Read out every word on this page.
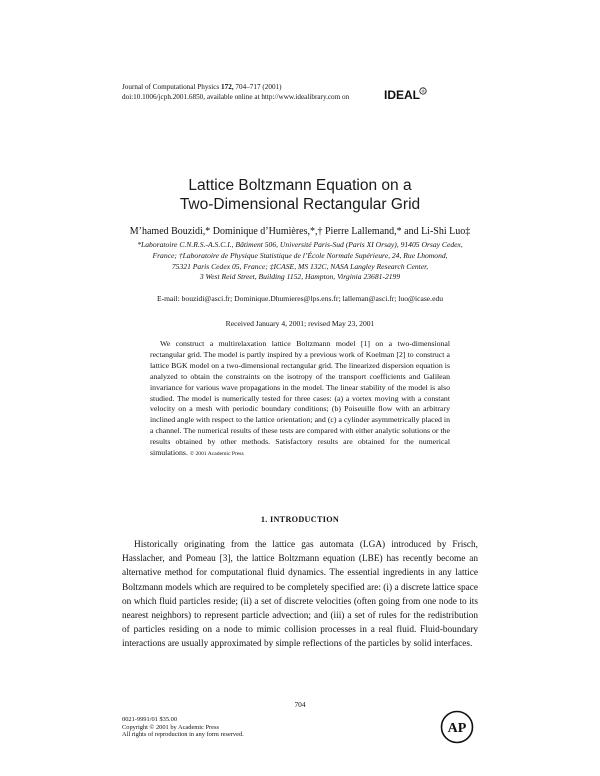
Journal of Computational Physics 172, 704–717 (2001)
doi:10.1006/jcph.2001.6850, available online at http://www.idealibrary.com on	IDEAL ®
Lattice Boltzmann Equation on a
Two-Dimensional Rectangular Grid
M’hamed Bouzidi,* Dominique d’Humières,*,† Pierre Lallemand,* and Li-Shi Luo‡
*Laboratoire C.N.R.S.-A.S.C.I., Bâtiment 506, Université Paris-Sud (Paris XI Orsay), 91405 Orsay Cedex,
France; †Laboratoire de Physique Statistique de l’École Normale Supérieure, 24, Rue Lhomond,
75321 Paris Cedex 05, France; ‡ICASE, MS 132C, NASA Langley Research Center,
3 West Reid Street, Building 1152, Hampton, Virginia 23681-2199
E-mail: bouzidi@asci.fr; Dominique.Dhumieres@lps.ens.fr; lalleman@asci.fr; luo@icase.edu
Received January 4, 2001; revised May 23, 2001
We construct a multirelaxation lattice Boltzmann model [1] on a two-dimensional rectangular grid. The model is partly inspired by a previous work of Koelman [2] to construct a lattice BGK model on a two-dimensional rectangular grid. The linearized dispersion equation is analyzed to obtain the constraints on the isotropy of the transport coefficients and Galilean invariance for various wave propagations in the model. The linear stability of the model is also studied. The model is numerically tested for three cases: (a) a vortex moving with a constant velocity on a mesh with periodic boundary conditions; (b) Poiseuille flow with an arbitrary inclined angle with respect to the lattice orientation; and (c) a cylinder asymmetrically placed in a channel. The numerical results of these tests are compared with either analytic solutions or the results obtained by other methods. Satisfactory results are obtained for the numerical simulations. © 2001 Academic Press
1. INTRODUCTION
Historically originating from the lattice gas automata (LGA) introduced by Frisch, Hasslacher, and Pomeau [3], the lattice Boltzmann equation (LBE) has recently become an alternative method for computational fluid dynamics. The essential ingredients in any lattice Boltzmann models which are required to be completely specified are: (i) a discrete lattice space on which fluid particles reside; (ii) a set of discrete velocities (often going from one node to its nearest neighbors) to represent particle advection; and (iii) a set of rules for the redistribution of particles residing on a node to mimic collision processes in a real fluid. Fluid-boundary interactions are usually approximated by simple reflections of the particles by solid interfaces.
704
0021-9991/01 $35.00
Copyright © 2001 by Academic Press
All rights of reproduction in any form reserved.	AP
